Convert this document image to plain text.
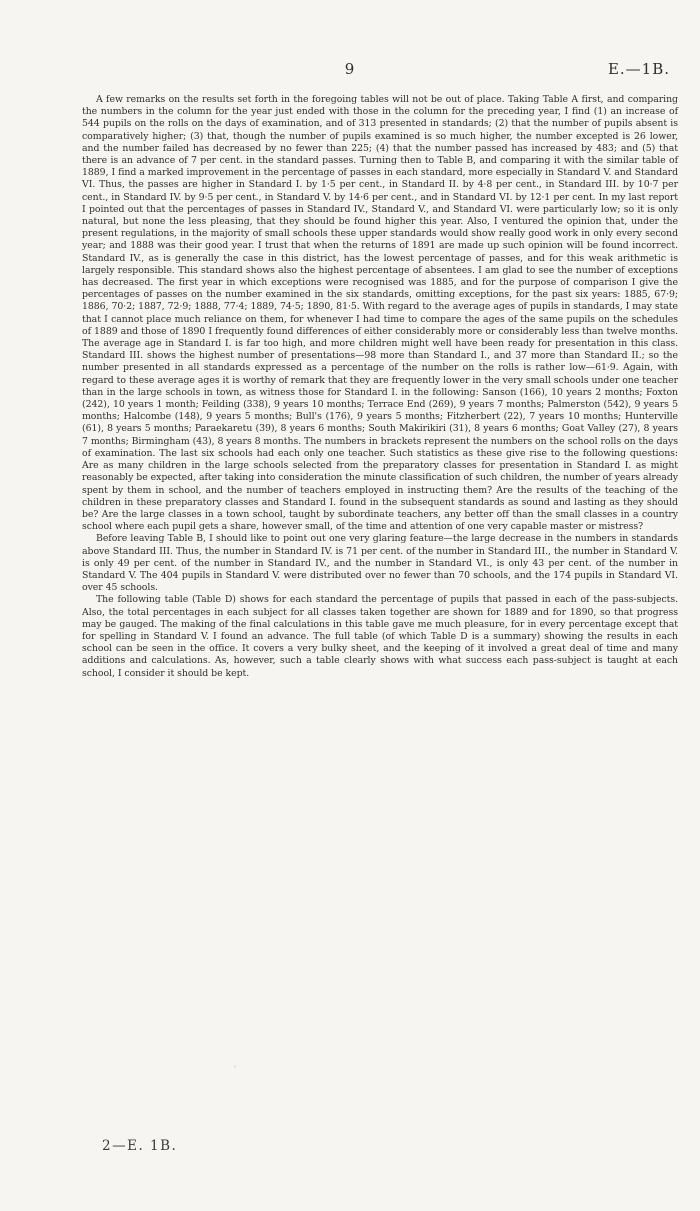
9	E.—1B.

A few remarks on the results set forth in the foregoing tables will not be out of place. Taking Table A first, and comparing the numbers in the column for the year just ended with those in the column for the preceding year, I find (1) an increase of 544 pupils on the rolls on the days of examination, and of 313 presented in standards; (2) that the number of pupils absent is comparatively higher; (3) that, though the number of pupils examined is so much higher, the number excepted is 26 lower, and the number failed has decreased by no fewer than 225; (4) that the number passed has increased by 483; and (5) that there is an advance of 7 per cent. in the standard passes. Turning then to Table B, and comparing it with the similar table of 1889, I find a marked improvement in the percentage of passes in each standard, more especially in Standard V. and Standard VI. Thus, the passes are higher in Standard I. by 1·5 per cent., in Standard II. by 4·8 per cent., in Standard III. by 10·7 per cent., in Standard IV. by 9·5 per cent., in Standard V. by 14·6 per cent., and in Standard VI. by 12·1 per cent. In my last report I pointed out that the percentages of passes in Standard IV., Standard V., and Standard VI. were particularly low; so it is only natural, but none the less pleasing, that they should be found higher this year. Also, I ventured the opinion that, under the present regulations, in the majority of small schools these upper standards would show really good work in only every second year; and 1888 was their good year. I trust that when the returns of 1891 are made up such opinion will be found incorrect. Standard IV., as is generally the case in this district, has the lowest percentage of passes, and for this weak arithmetic is largely responsible. This standard shows also the highest percentage of absentees. I am glad to see the number of exceptions has decreased. The first year in which exceptions were recognised was 1885, and for the purpose of comparison I give the percentages of passes on the number examined in the six standards, omitting exceptions, for the past six years: 1885, 67·9; 1886, 70·2; 1887, 72·9; 1888, 77·4; 1889, 74·5; 1890, 81·5. With regard to the average ages of pupils in standards, I may state that I cannot place much reliance on them, for whenever I had time to compare the ages of the same pupils on the schedules of 1889 and those of 1890 I frequently found differences of either considerably more or considerably less than twelve months. The average age in Standard I. is far too high, and more children might well have been ready for presentation in this class. Standard III. shows the highest number of presentations—98 more than Standard I., and 37 more than Standard II.; so the number presented in all standards expressed as a percentage of the number on the rolls is rather low—61·9. Again, with regard to these average ages it is worthy of remark that they are frequently lower in the very small schools under one teacher than in the large schools in town, as witness those for Standard I. in the following: Sanson (166), 10 years 2 months; Foxton (242), 10 years 1 month; Feilding (338), 9 years 10 months; Terrace End (269), 9 years 7 months; Palmerston (542), 9 years 5 months; Halcombe (148), 9 years 5 months; Bull's (176), 9 years 5 months; Fitzherbert (22), 7 years 10 months; Hunterville (61), 8 years 5 months; Paraekaretu (39), 8 years 6 months; South Makirikiri (31), 8 years 6 months; Goat Valley (27), 8 years 7 months; Birmingham (43), 8 years 8 months. The numbers in brackets represent the numbers on the school rolls on the days of examination. The last six schools had each only one teacher. Such statistics as these give rise to the following questions: Are as many children in the large schools selected from the preparatory classes for presentation in Standard I. as might reasonably be expected, after taking into consideration the minute classification of such children, the number of years already spent by them in school, and the number of teachers employed in instructing them? Are the results of the teaching of the children in these preparatory classes and Standard I. found in the subsequent standards as sound and lasting as they should be? Are the large classes in a town school, taught by subordinate teachers, any better off than the small classes in a country school where each pupil gets a share, however small, of the time and attention of one very capable master or mistress?

Before leaving Table B, I should like to point out one very glaring feature—the large decrease in the numbers in standards above Standard III. Thus, the number in Standard IV. is 71 per cent. of the number in Standard III., the number in Standard V. is only 49 per cent. of the number in Standard IV., and the number in Standard VI., is only 43 per cent. of the number in Standard V. The 404 pupils in Standard V. were distributed over no fewer than 70 schools, and the 174 pupils in Standard VI. over 45 schools.

The following table (Table D) shows for each standard the percentage of pupils that passed in each of the pass-subjects. Also, the total percentages in each subject for all classes taken together are shown for 1889 and for 1890, so that progress may be gauged. The making of the final calculations in this table gave me much pleasure, for in every percentage except that for spelling in Standard V. I found an advance. The full table (of which Table D is a summary) showing the results in each school can be seen in the office. It covers a very bulky sheet, and the keeping of it involved a great deal of time and many additions and calculations. As, however, such a table clearly shows with what success each pass-subject is taught at each school, I consider it should be kept.

'
2—E. 1B.
